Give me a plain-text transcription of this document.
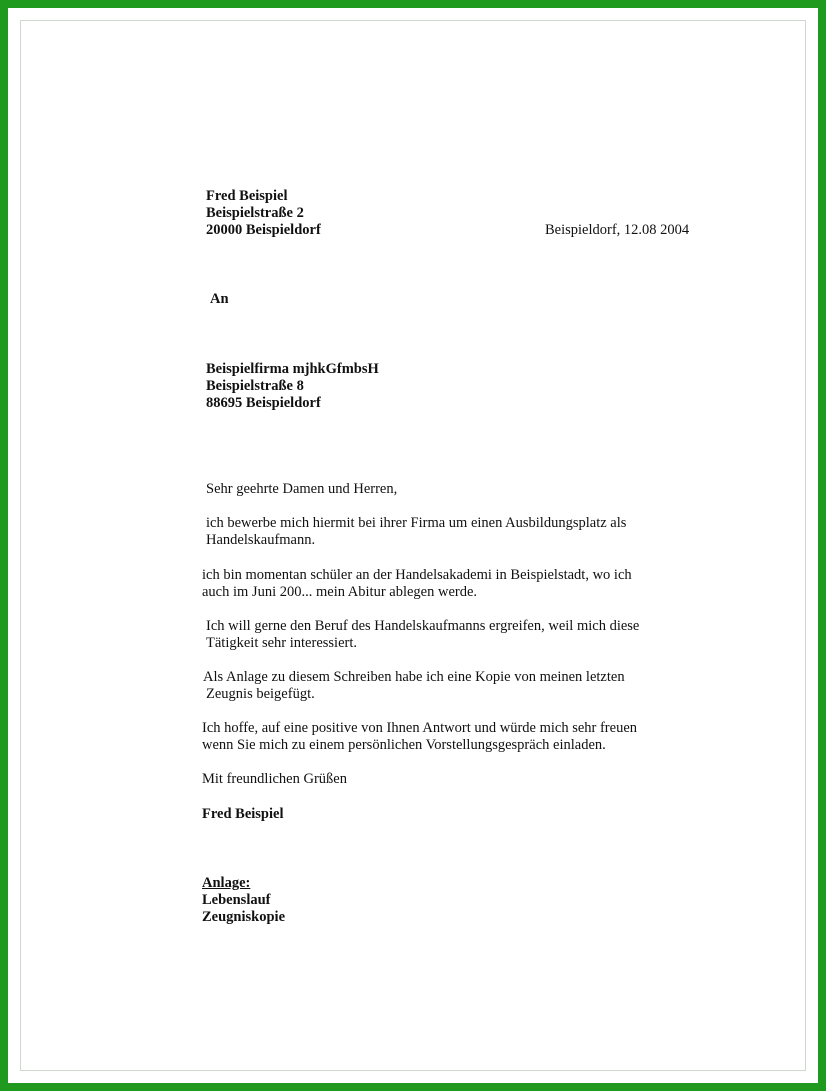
Fred Beispiel
Beispielstraße 2
20000 Beispieldorf	Beispieldorf, 12.08 2004
An
Beispielfirma mjhkGfmbsH
Beispielstraße 8
88695 Beispieldorf
Sehr geehrte Damen und Herren,
ich bewerbe mich hiermit bei ihrer Firma um einen Ausbildungsplatz als
Handelskaufmann.
ich bin momentan schüler an der Handelsakademi in Beispielstadt, wo ich
auch im Juni 200... mein Abitur ablegen werde.
Ich will gerne den Beruf des Handelskaufmanns ergreifen, weil mich diese
Tätigkeit sehr interessiert.
Als Anlage zu diesem Schreiben habe ich eine Kopie von meinen letzten
Zeugnis beigefügt.
Ich hoffe, auf eine positive von Ihnen Antwort und würde mich sehr freuen
wenn Sie mich zu einem persönlichen Vorstellungsgespräch einladen.
Mit freundlichen Grüßen
Fred Beispiel
Anlage:
Lebenslauf
Zeugniskopie
